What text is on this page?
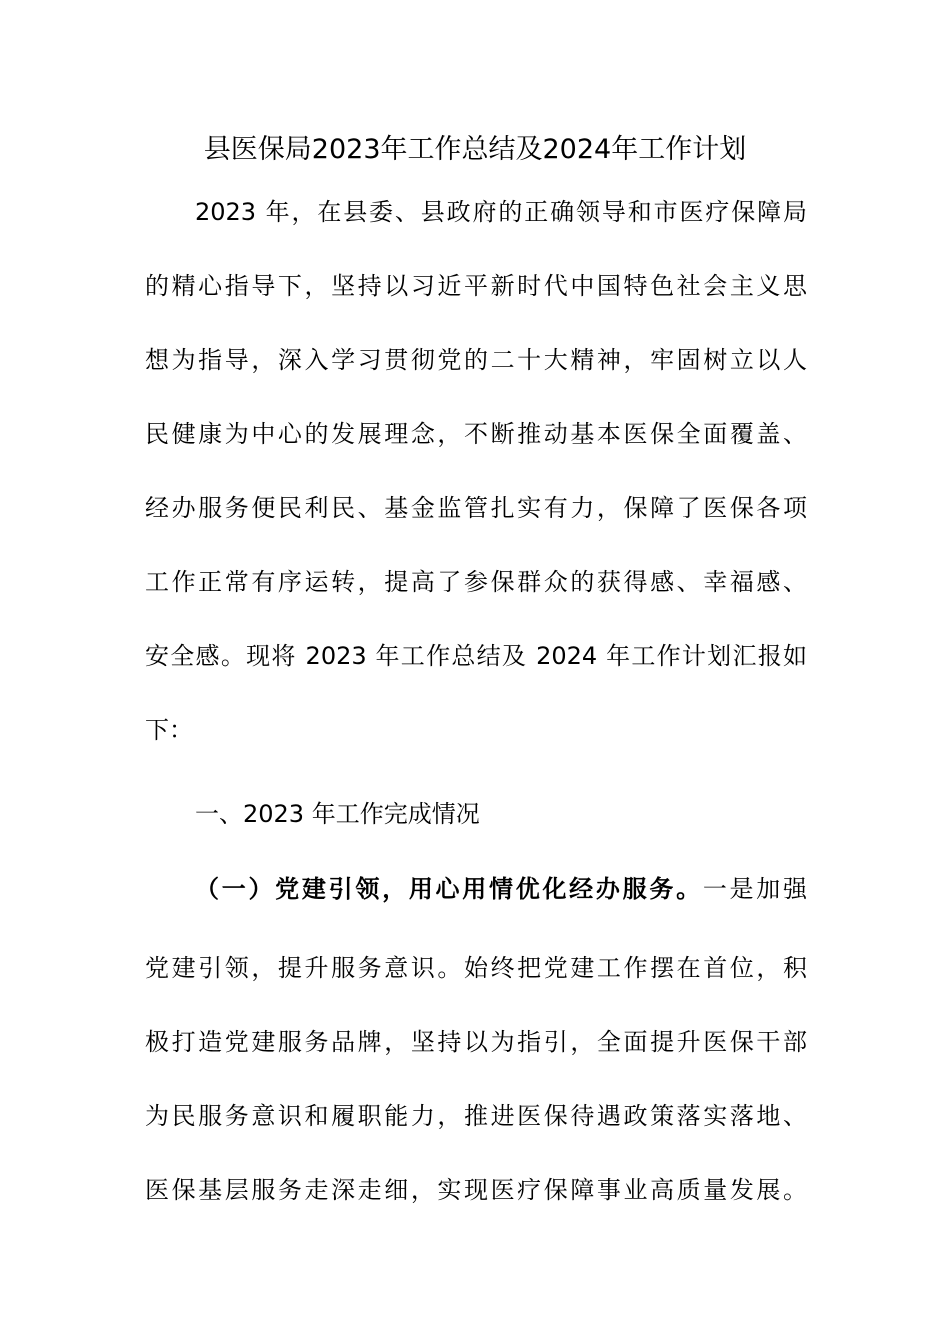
县医保局2023年工作总结及2024年工作计划
2023 年，在县委、县政府的正确领导和市医疗保障局
的精心指导下，坚持以习近平新时代中国特色社会主义思
想为指导，深入学习贯彻党的二十大精神，牢固树立以人
民健康为中心的发展理念，不断推动基本医保全面覆盖、
经办服务便民利民、基金监管扎实有力，保障了医保各项
工作正常有序运转，提高了参保群众的获得感、幸福感、
安全感。现将 2023 年工作总结及 2024 年工作计划汇报如
下：
一、2023 年工作完成情况
（一）党建引领，用心用情优化经办服务。一是加强
党建引领，提升服务意识。始终把党建工作摆在首位，积
极打造党建服务品牌，坚持以为指引，全面提升医保干部
为民服务意识和履职能力，推进医保待遇政策落实落地、
医保基层服务走深走细，实现医疗保障事业高质量发展。
